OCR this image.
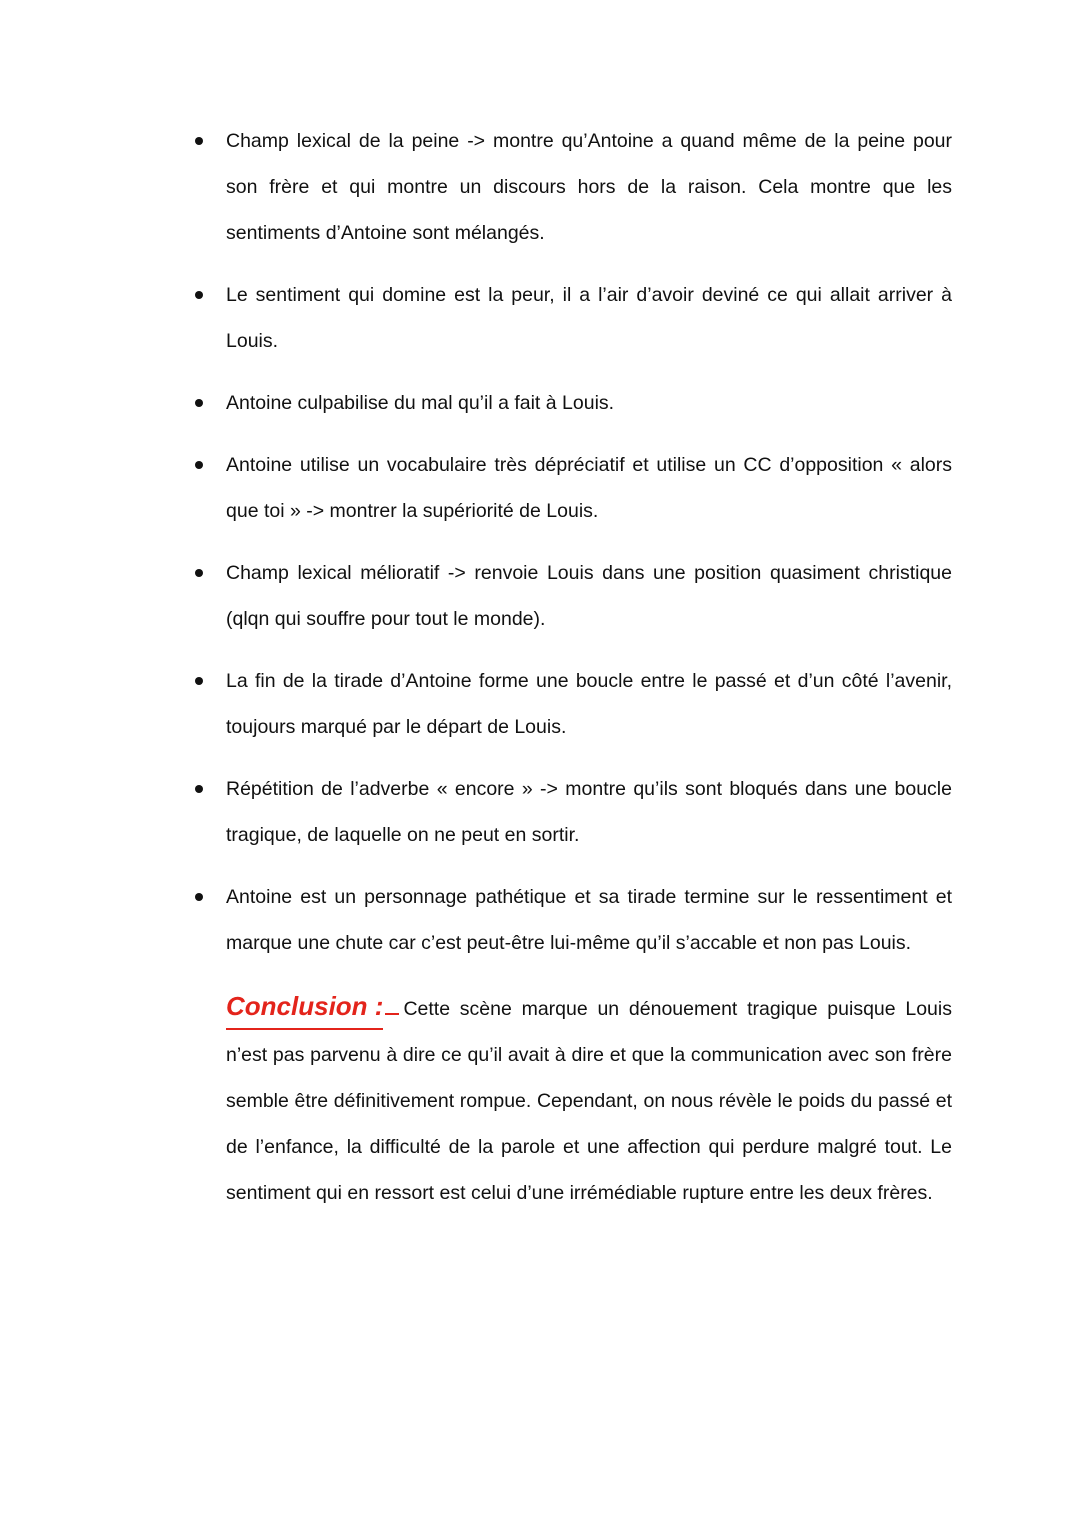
Champ lexical de la peine -> montre qu’Antoine a quand même de la peine pour son frère et qui montre un discours hors de la raison. Cela montre que les sentiments d’Antoine sont mélangés.
Le sentiment qui domine est la peur, il a l’air d’avoir deviné ce qui allait arriver à Louis.
Antoine culpabilise du mal qu’il a fait à Louis.
Antoine utilise un vocabulaire très dépréciatif et utilise un CC d’opposition « alors que toi » -> montrer la supériorité de Louis.
Champ lexical mélioratif -> renvoie Louis dans une position quasiment christique (qlqn qui souffre pour tout le monde).
La fin de la tirade d’Antoine forme une boucle entre le passé et d’un côté l’avenir, toujours marqué par le départ de Louis.
Répétition de l’adverbe « encore » -> montre qu’ils sont bloqués dans une boucle tragique, de laquelle on ne peut en sortir.
Antoine est un personnage pathétique et sa tirade termine sur le ressentiment et marque une chute car c’est peut-être lui-même qu’il s’accable et non pas Louis.

Conclusion : Cette scène marque un dénouement tragique puisque Louis n’est pas parvenu à dire ce qu’il avait à dire et que la communication avec son frère semble être définitivement rompue. Cependant, on nous révèle le poids du passé et de l’enfance, la difficulté de la parole et une affection qui perdure malgré tout. Le sentiment qui en ressort est celui d’une irrémédiable rupture entre les deux frères.
